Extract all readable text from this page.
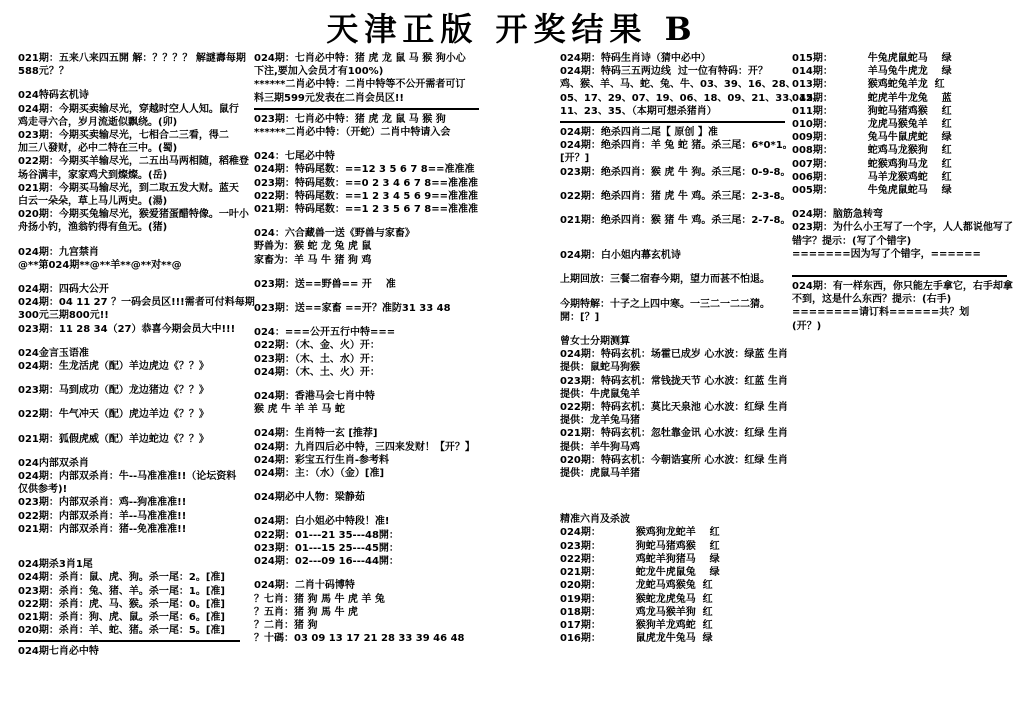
天津正版 开奖结果 B
021期：五来八来四五開 解：？？？？ 解謎壽每期
588元？？
024特码玄机诗
024期：今期买卖输尽光，穿越时空人人知。鼠行
鸡走寻六合，岁月流逝似飘绕。(卯)
023期：今期买卖输尽光，七相合二三看，得二
加三八發财，必中二特在三中。(蜀)
022期：今期买羊输尽光，二五出马两相随，稻稚登
场谷满丰，家家鸡犬到燦燦。(岳)
021期：今期买马输尽光，到二取五发大财。蓝天
白云一朵朵，草上马儿两史。(湯)
020期：今期买兔输尽光，猴爱猪蛋醋特像。一叶小
舟扬小钓，渔翁钓得有鱼无。(猪)
024期：九宫禁肖
@**第024期**@**羊**@**对**@
024期：四码大公开
024期：04 11 27 ？一码会员区!!!需者可付料每期
300元三期800元!!
023期：11 28 34（27）恭喜今期会员大中!!!
024金言玉语准
024期：生龙活虎（配）羊边虎边《？？》
023期：马到成功（配）龙边猪边《？？》
022期：牛气冲天（配）虎边羊边《？？》
021期：狐假虎威（配）羊边蛇边《？？》
024内部双杀肖
024期：内部双杀肖：牛--马准准准!!（论坛资料
仅供参考)!
023期：内部双杀肖：鸡--狗准准准!!
022期：内部双杀肖：羊--马准准准!!
021期：内部双杀肖：猪--免准准准!!
024期杀3肖1尾
024期：杀肖：鼠、虎、狗。杀一尾：2。[准]
023期：杀肖：兔、猪、羊。杀一尾：1。[准]
022期：杀肖：虎、马、猴。杀一尾：0。[准]
021期：杀肖：狗、虎、鼠。杀一尾：6。[准]
020期：杀肖：羊、蛇、猪。杀一尾：5。[准]
024期七肖必中特
024期：七肖必中特：猪 虎 龙 鼠 马 猴 狗小心
下注,要加入会员才有100%)
******二肖必中特：二肖中特等不公开需者可订
料三期599元发表在二肖会员区!!
023期：七肖必中特：猪 虎 龙 鼠 马 猴 狗
******二肖必中特：（开蛇）二肖中特请入会
024：七尾必中特
024期：特码尾数：==12 3 5 6 7 8==准准准
023期：特码尾数：==0 2 3 4 6 7 8==准准准
022期：特码尾数：==1 2 3 4 5 6 9==准准准
021期：特码尾数：==1 2 3 5 6 7 8==准准准
024：六合藏兽一送《野兽与家畜》
野兽为：猴 蛇 龙 兔 虎 鼠
家畜为：羊 马 牛 猪 狗 鸡
023期：送==野兽== 开    准
023期：送==家畜 ==开？准防31 33 48
024：===公开五行中特===
022期：（木、金、火）开：
023期：（木、土、水）开：
024期：（木、土、火）开：
024期：香港马会七肖中特
猴 虎 牛 羊 羊 马 蛇
024期：生肖特一玄 [推荐]
024期：九肖四后必中特，三四来发财！【开？】
024期：彩宝五行生肖-参考料
024期：主：（水）（金）[准]
024期必中人物：梁静茹
024期：白小姐必中特段！准!
022期：01---21 35---48開：
023期：01---15 25---45開：
024期：02---09 16---44開：
024期：二肖十码博特
？七肖：猪 狗 馬 牛 虎 羊 兔
？五肖：猪 狗 馬 牛 虎
？二肖：猪 狗
？十碼：03 09 13 17 21 28 33 39 46 48
024期：特码生肖诗（猜中必中）
024期：特码三五两边线  过一位有特码：开？
鸡、猴、羊、马、蛇、兔、牛、03、39、16、28、
05、17、29、07、19、06、18、09、21、33、45、
11、23、35、（本期可想杀猪肖）
024期：绝杀四肖二尾【 原创 】准
024期：绝杀四肖：羊 兔 蛇 猪。杀三尾：6*0*1。
[开？]
023期：绝杀四肖：猴 虎 牛 狗。杀三尾：0-9-8。
022期：绝杀四肖：猪 虎 牛 鸡。杀三尾：2-3-8。
021期：绝杀四肖：猴 猪 牛 鸡。杀三尾：2-7-8。
024期：白小姐内幕玄机诗
上期回放：三餐二宿春今期，望力而甚不怕退。
今期特解：十子之上四中寒。一三二一二二猜。
開：[？]
曾女士分期测算
024期：特码玄机：场霍已成岁 心水波：绿蓝 生肖
提供：鼠蛇马狗猴
023期：特码玄机：常钱拢天节 心水波：红蓝 生肖
提供：牛虎鼠兔羊
022期：特码玄机：莫比天泉池 心水波：红绿 生肖
提供：龙羊兔马猪
021期：特码玄机：忽牡靠金讯 心水波：红绿 生肖
提供：羊牛狗马鸡
020期：特码玄机：今朝诰宴所 心水波：红绿 生肖
提供：虎鼠马羊猪
精准六肖及杀波
024期：          猴鸡狗龙蛇羊    红
023期：          狗蛇马猪鸡猴    红
022期：          鸡蛇羊狗猪马    绿
021期：          蛇龙牛虎鼠兔    绿
020期：          龙蛇马鸡猴兔  红
019期：          猴蛇龙虎兔马  红
018期：          鸡龙马猴羊狗  红
017期：          猴狗羊龙鸡蛇  红
016期：          鼠虎龙牛兔马  绿
015期：          牛兔虎鼠蛇马    绿
014期：          羊马兔牛虎龙    绿
013期：          猴鸡蛇兔羊龙  红
012期：          蛇虎羊牛龙兔    蓝
011期：          狗蛇马猪鸡猴    红
010期：          龙虎马猴兔羊    红
009期：          兔马牛鼠虎蛇    绿
008期：          蛇鸡马龙猴狗    红
007期：          蛇猴鸡狗马龙    红
006期：          马羊龙猴鸡蛇    红
005期：          牛兔虎鼠蛇马    绿
024期：脑筋急转弯
023期：为什么小王写了一个字，人人都说他写了
错字？提示：(写了个错字)
=======因为写了个错字，======
024期：有一样东西，你只能左手拿它，右手却拿
不到，这是什么东西？提示：(右手)
========请订料======共？划
(开？)
